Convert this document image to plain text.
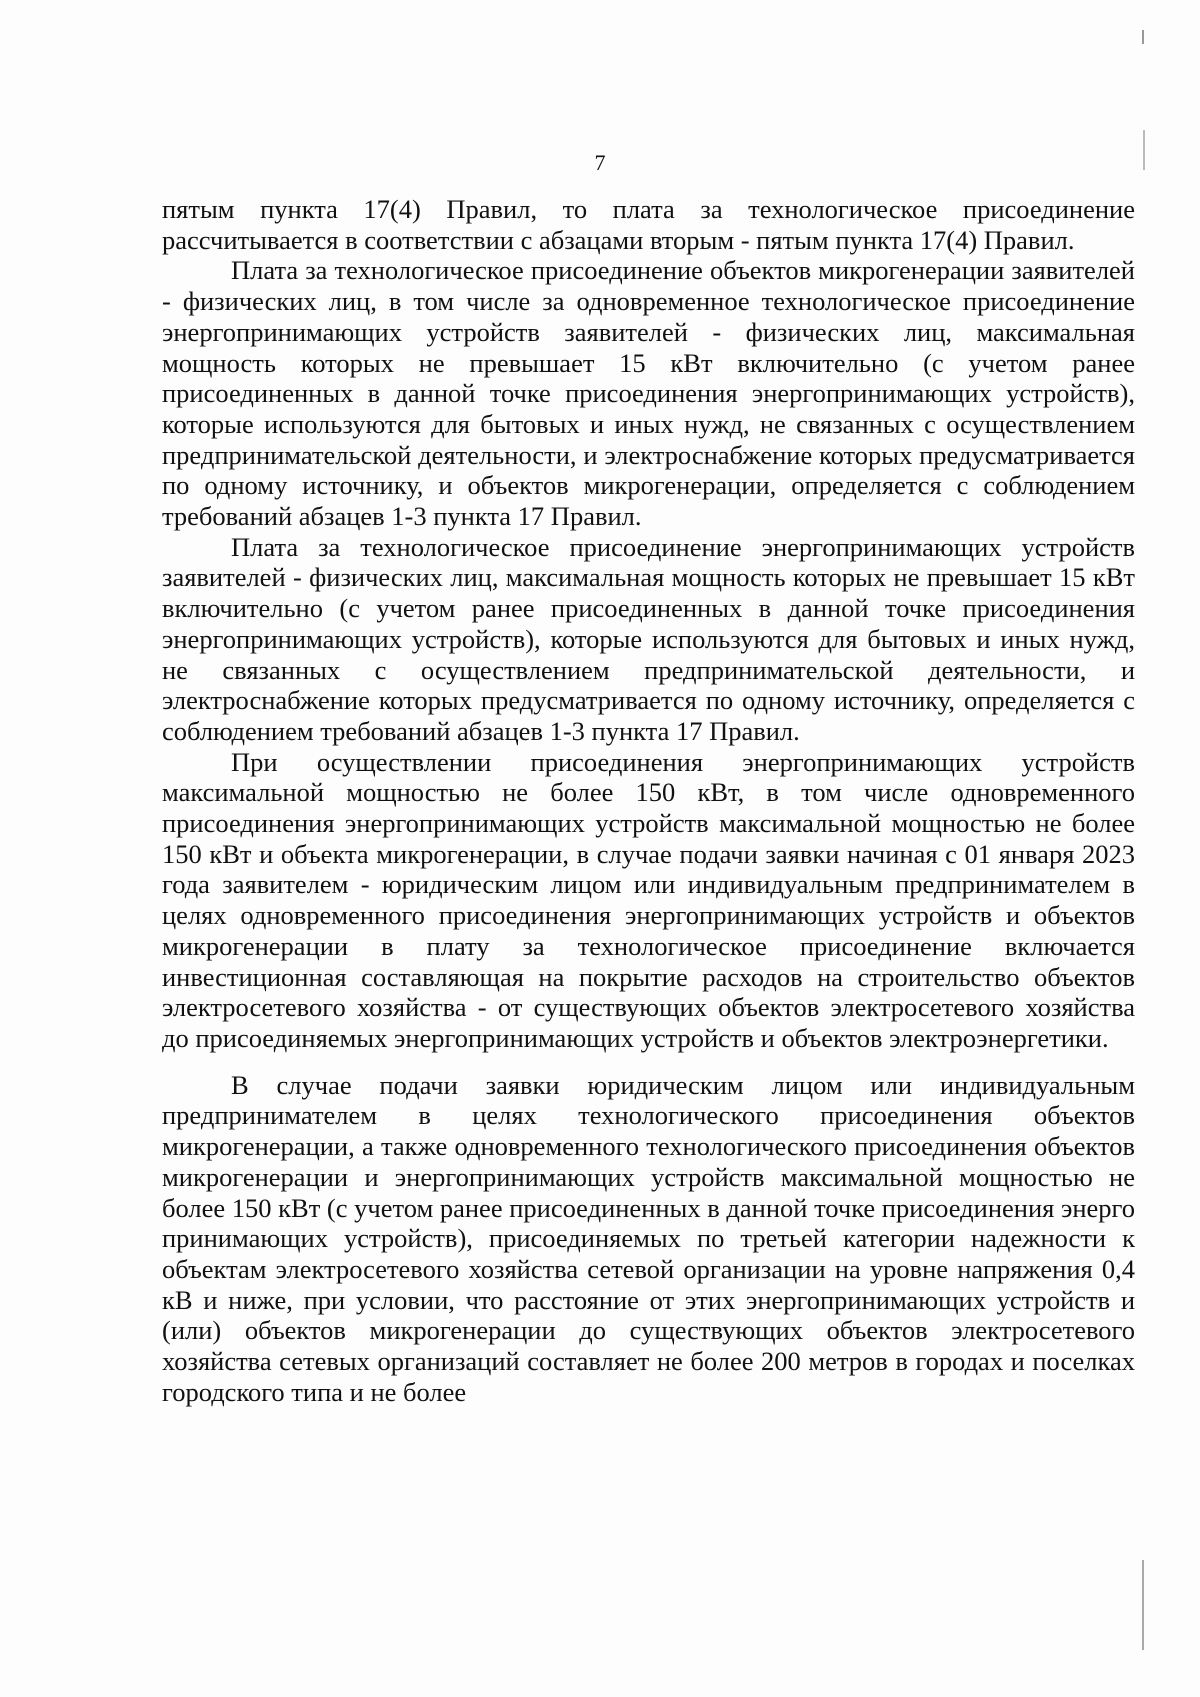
7

пятым пункта 17(4) Правил, то плата за технологическое присоединение рассчитывается в соответствии с абзацами вторым - пятым пункта 17(4) Правил.

Плата за технологическое присоединение объектов микрогенерации заявителей - физических лиц, в том числе за одновременное технологическое присоединение энергопринимающих устройств заявителей - физических лиц, максимальная мощность которых не превышает 15 кВт включительно (с учетом ранее присоединенных в данной точке присоединения энергопринимающих устройств), которые используются для бытовых и иных нужд, не связанных с осуществлением предпринимательской деятельности, и электроснабжение которых предусматривается по одному источнику, и объектов микрогенерации, определяется с соблюдением требований абзацев 1-3 пункта 17 Правил.

Плата за технологическое присоединение энергопринимающих устройств заявителей - физических лиц, максимальная мощность которых не превышает 15 кВт включительно (с учетом ранее присоединенных в данной точке присоединения энергопринимающих устройств), которые используются для бытовых и иных нужд, не связанных с осуществлением предпринимательской деятельности, и электроснабжение которых предусматривается по одному источнику, определяется с соблюдением требований абзацев 1-3 пункта 17 Правил.

При осуществлении присоединения энергопринимающих устройств максимальной мощностью не более 150 кВт, в том числе одновременного присоединения энергопринимающих устройств максимальной мощностью не более 150 кВт и объекта микрогенерации, в случае подачи заявки начиная с 01 января 2023 года заявителем - юридическим лицом или индивидуальным предпринимателем в целях одновременного присоединения энергопринимающих устройств и объектов микрогенерации в плату за технологическое присоединение включается инвестиционная составляющая на покрытие расходов на строительство объектов электросетевого хозяйства - от существующих объектов электросетевого хозяйства до присоединяемых энергопринимающих устройств и объектов электроэнергетики.

В случае подачи заявки юридическим лицом или индивидуальным предпринимателем в целях технологического присоединения объектов микрогенерации, а также одновременного технологического присоединения объектов микрогенерации и энергопринимающих устройств максимальной мощностью не более 150 кВт (с учетом ранее присоединенных в данной точке присоединения энерго принимающих устройств), присоединяемых по третьей категории надежности к объектам электросетевого хозяйства сетевой организации на уровне напряжения 0,4 кВ и ниже, при условии, что расстояние от этих энергопринимающих устройств и (или) объектов микрогенерации до существующих объектов электросетевого хозяйства сетевых организаций составляет не более 200 метров в городах и поселках городского типа и не более
